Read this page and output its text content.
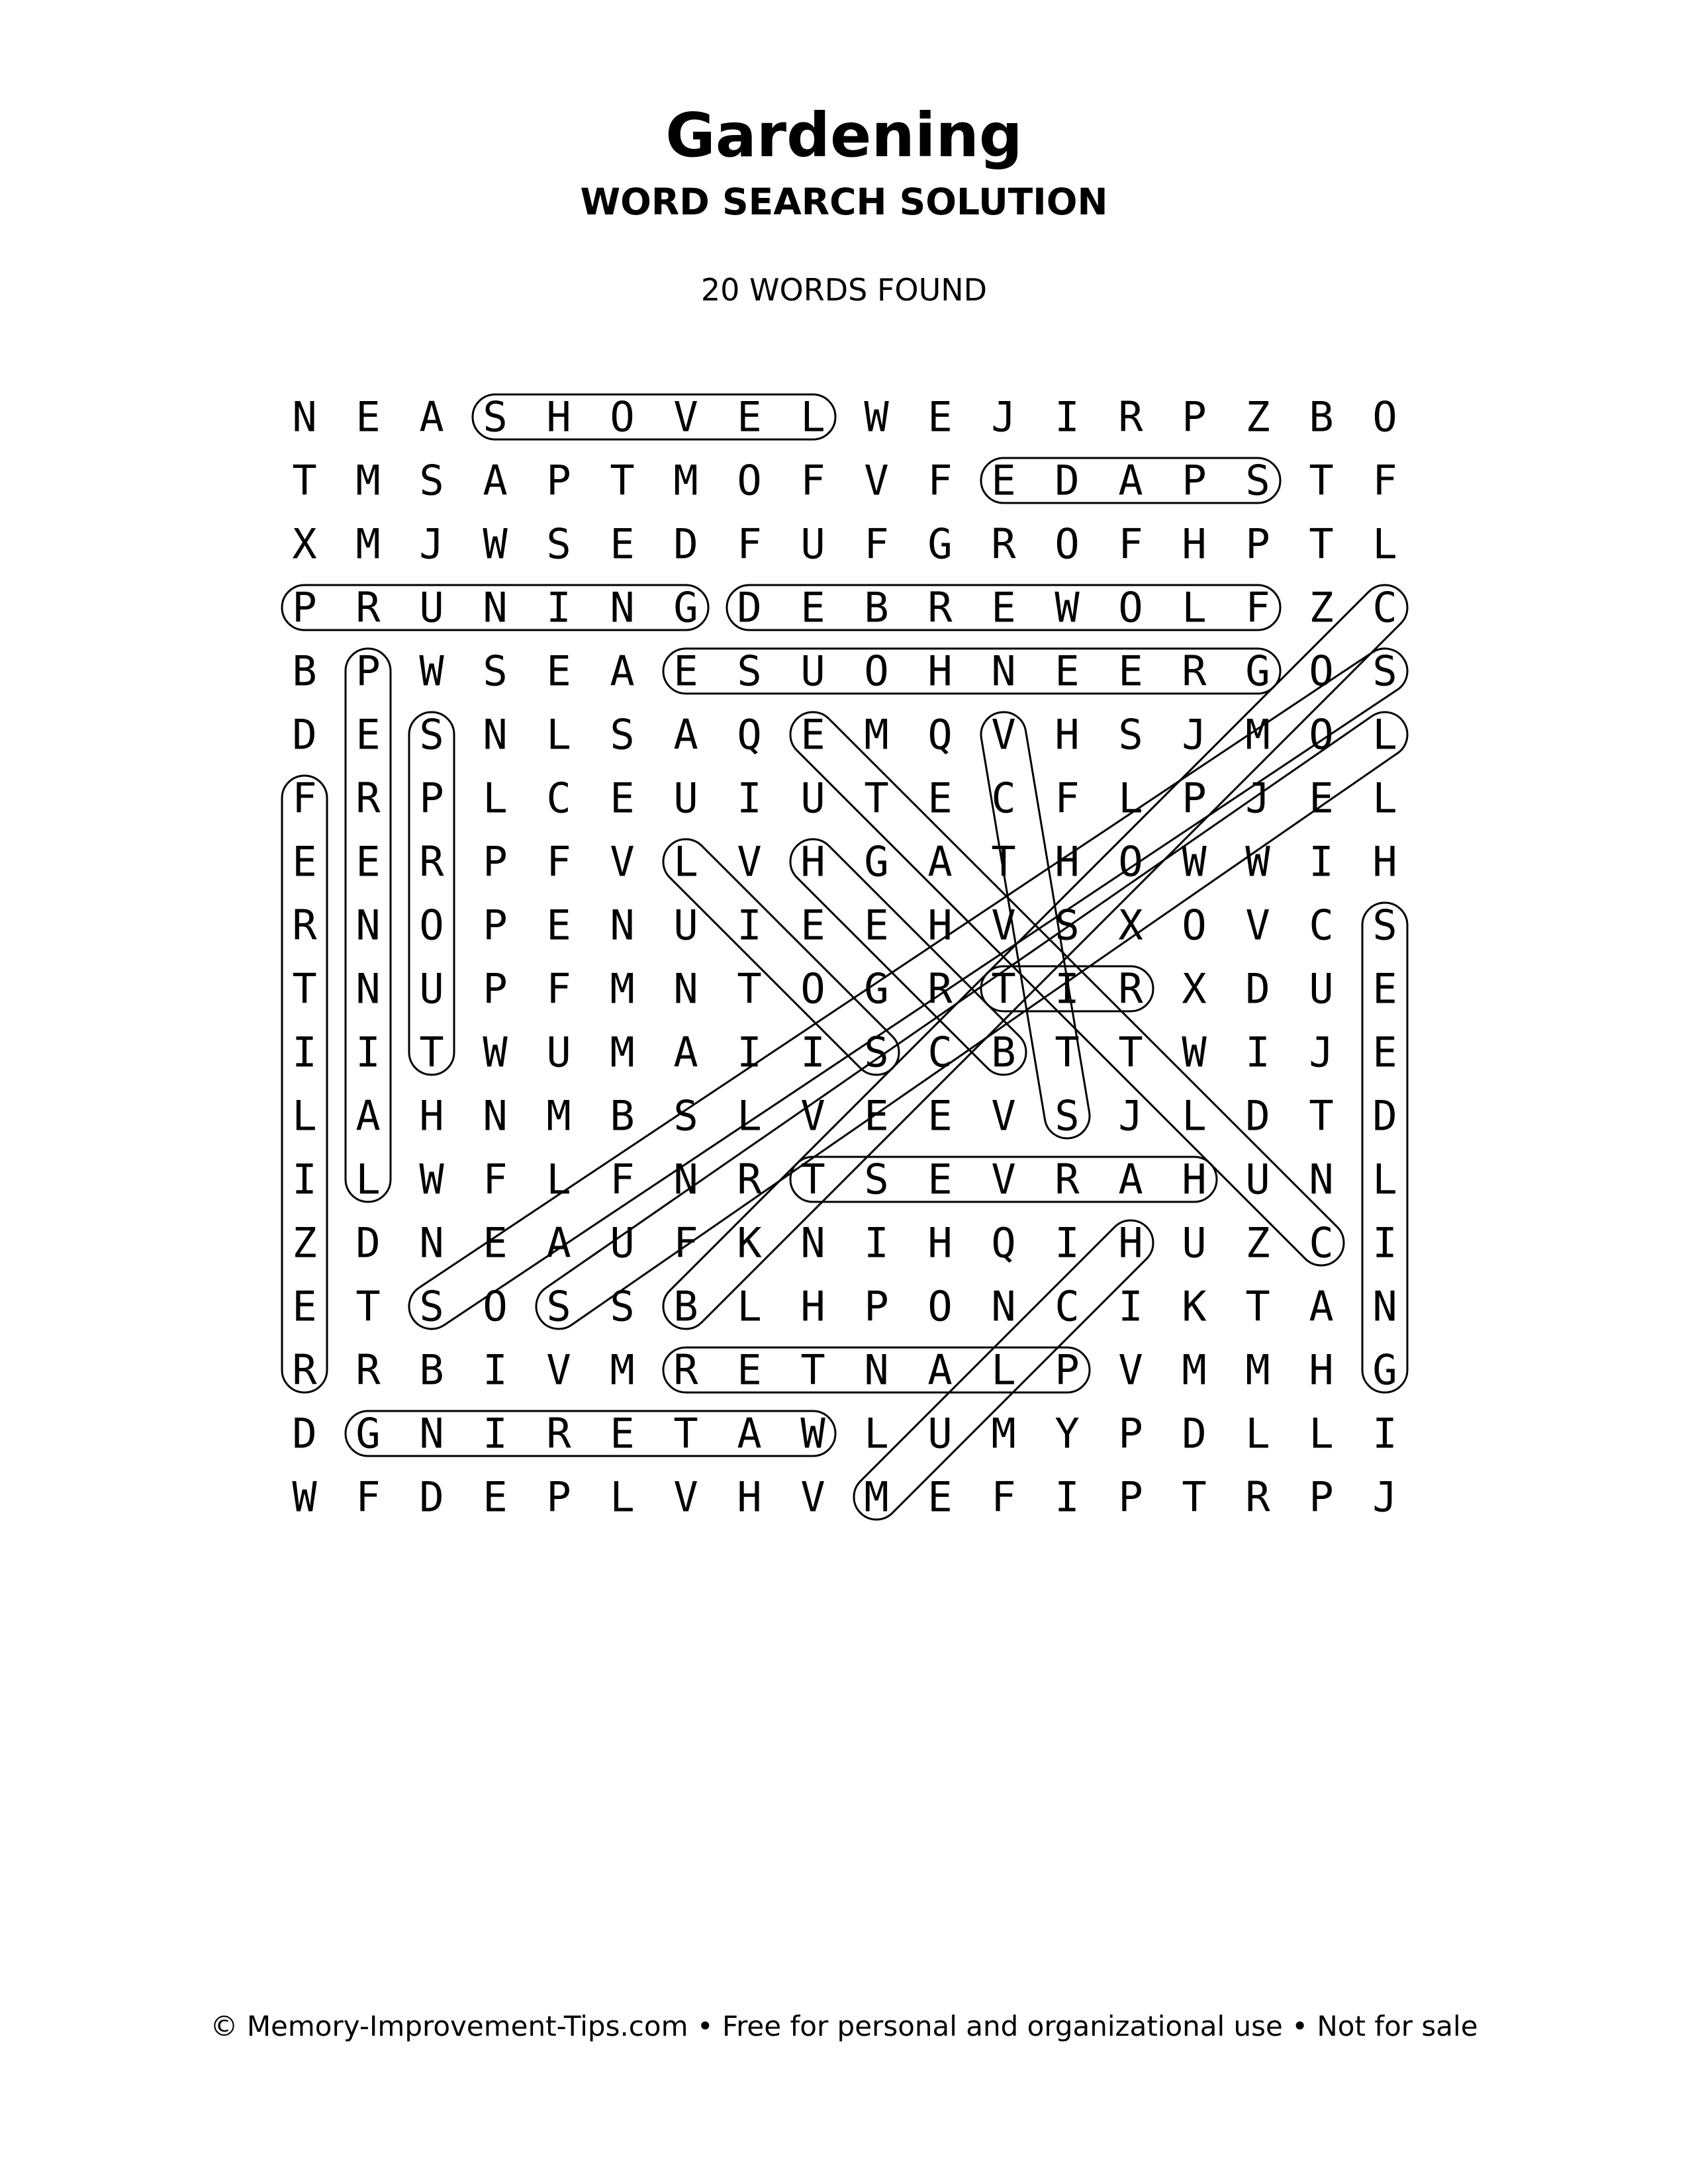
Gardening
WORD SEARCH SOLUTION
20 WORDS FOUND
N E A S H O V E L W E J I R P Z B O
T M S A P T M O F V F E D A P S T F
X M J W S E D F U F G R O F H P T L
P R U N I N G D E B R E W O L F Z C
B P W S E A E S U O H N E E R G O S
D E S N L S A Q E M Q V H S J M O L
F R P L C E U I U T E C F L P J E L
E E R P F V L V H G A T H O W W I H
R N O P E N U I E E H V S X O V C S
T N U P F M N T O G R T I R X D U E
I I T W U M A I I S C B T T W I J E
L A H N M B S L V E E V S J L D T D
I L W F L F N R T S E V R A H U N L
Z D N E A U F K N I H Q I H U Z C I
E T S O S S B L H P O N C I K T A N
R R B I V M R E T N A L P V M M H G
D G N I R E T A W L U M Y P D L L I
W F D E P L V H V M E F I P T R P J
© Memory-Improvement-Tips.com • Free for personal and organizational use • Not for sale
